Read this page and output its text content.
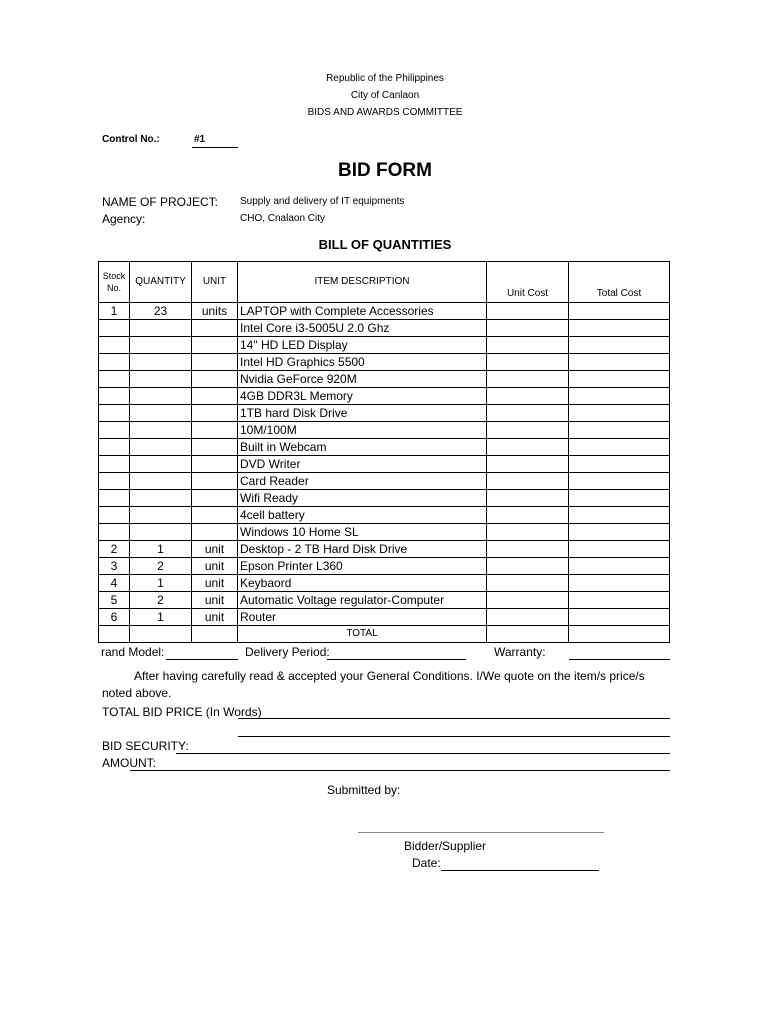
Republic of the Philippines
City of Canlaon
BIDS AND AWARDS COMMITTEE
Control No.:	#1
BID FORM
NAME OF PROJECT: Supply and delivery of IT equipments
Agency:	CHO, Cnalaon City
BILL OF QUANTITIES
Stock No.	QUANTITY	UNIT	ITEM DESCRIPTION	Unit Cost	Total Cost
1	23	units	LAPTOP with Complete Accessories		
			Intel Core i3-5005U 2.0 Ghz		
			14" HD LED Display		
			Intel HD Graphics 5500		
			Nvidia GeForce 920M		
			4GB DDR3L Memory		
			1TB hard Disk Drive		
			10M/100M		
			Built in Webcam		
			DVD Writer		
			Card Reader		
			Wifi Ready		
			4cell battery		
			Windows 10 Home SL		
2	1	unit	Desktop - 2 TB Hard Disk Drive		
3	2	unit	Epson Printer L360		
4	1	unit	Keybaord		
5	2	unit	Automatic Voltage regulator-Computer		
6	1	unit	Router		
			TOTAL		
rand Model:	Delivery Period:	Warranty:
After having carefully read & accepted your General Conditions. I/We quote on the item/s price/s
noted above.
TOTAL BID PRICE (In Words)
BID SECURITY:
AMOUNT:
Submitted by:
Bidder/Supplier
Date:
